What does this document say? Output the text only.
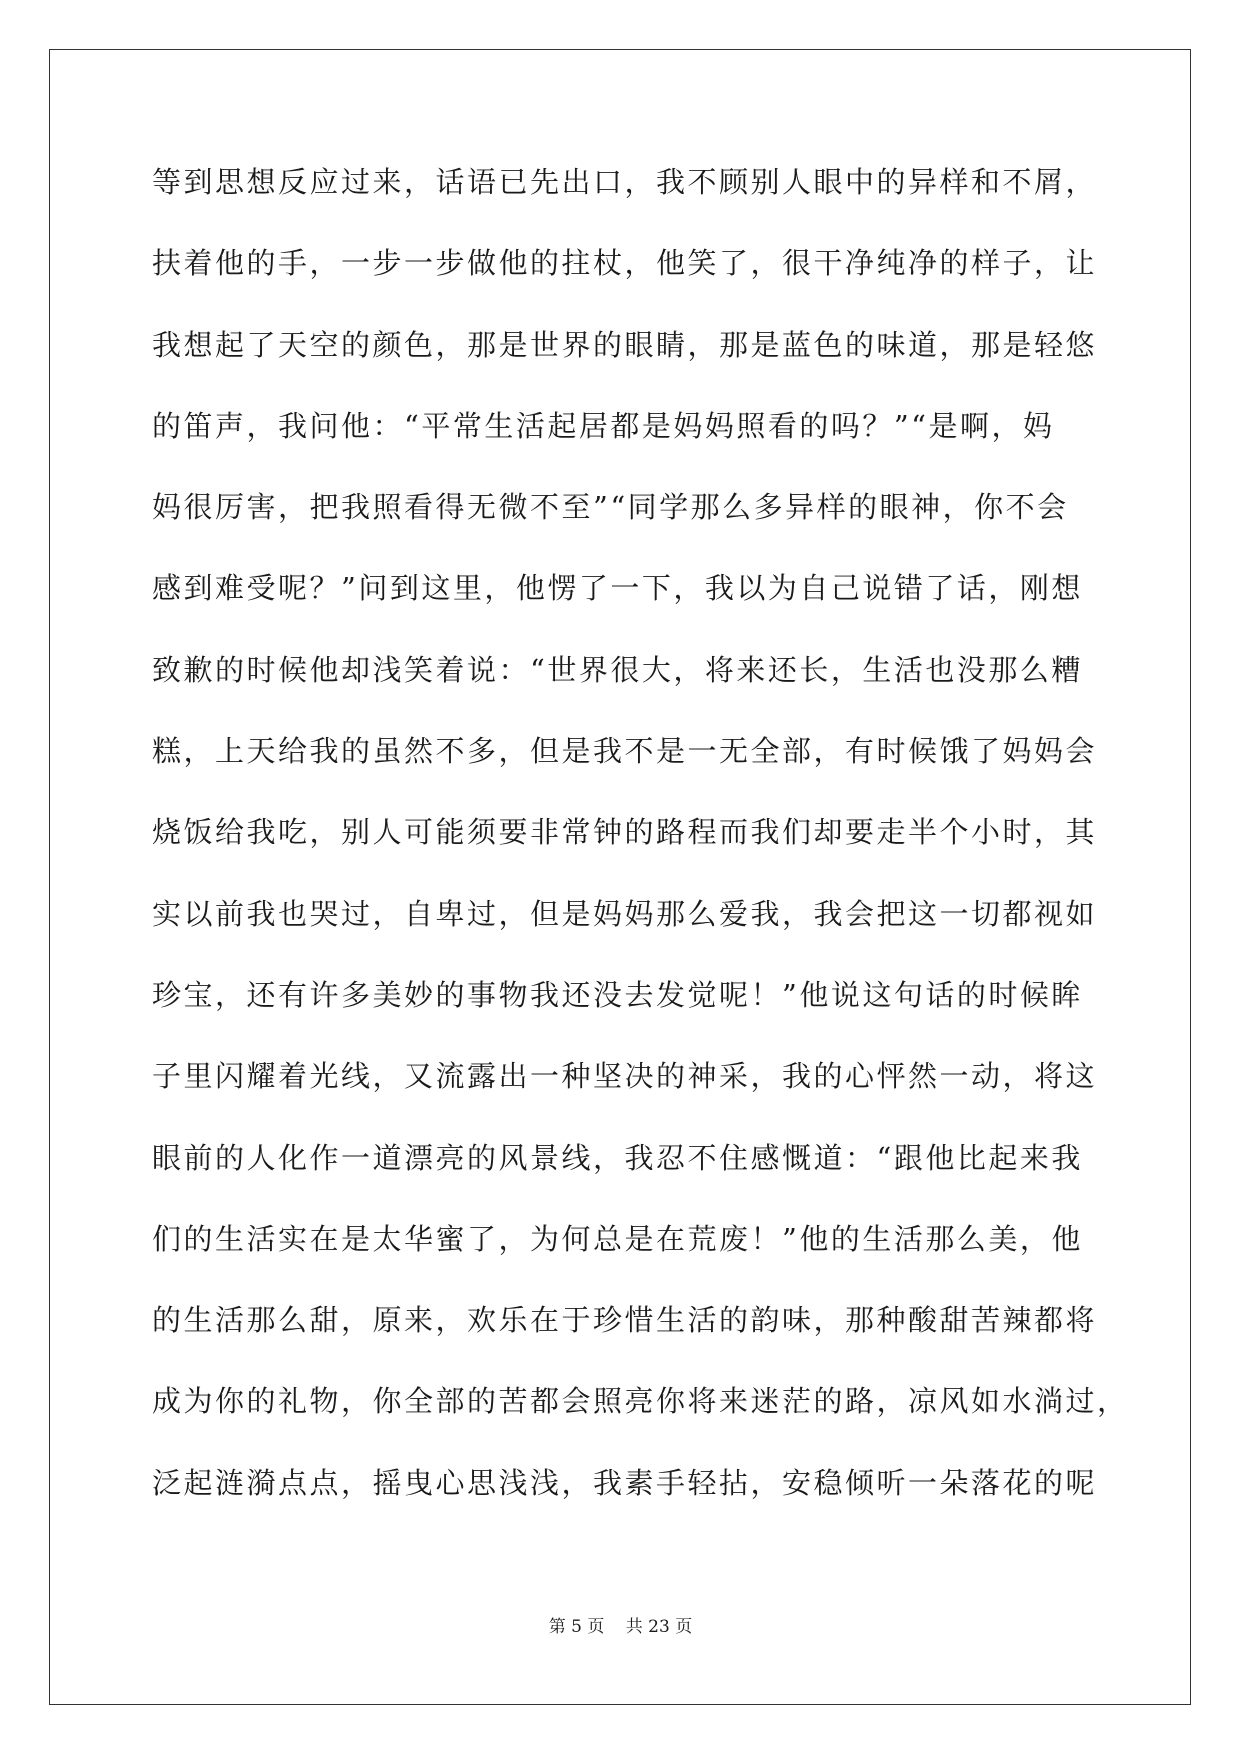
等到思想反应过来，话语已先出口，我不顾别人眼中的异样和不屑，
扶着他的手，一步一步做他的拄杖，他笑了，很干净纯净的样子，让
我想起了天空的颜色，那是世界的眼睛，那是蓝色的味道，那是轻悠
的笛声，我问他：“平常生活起居都是妈妈照看的吗？”“是啊，妈
妈很厉害，把我照看得无微不至”“同学那么多异样的眼神，你不会
感到难受呢？”问到这里，他愣了一下，我以为自己说错了话，刚想
致歉的时候他却浅笑着说：“世界很大，将来还长，生活也没那么糟
糕，上天给我的虽然不多，但是我不是一无全部，有时候饿了妈妈会
烧饭给我吃，别人可能须要非常钟的路程而我们却要走半个小时，其
实以前我也哭过，自卑过，但是妈妈那么爱我，我会把这一切都视如
珍宝，还有许多美妙的事物我还没去发觉呢！”他说这句话的时候眸
子里闪耀着光线，又流露出一种坚决的神采，我的心怦然一动，将这
眼前的人化作一道漂亮的风景线，我忍不住感慨道：“跟他比起来我
们的生活实在是太华蜜了，为何总是在荒废！”他的生活那么美，他
的生活那么甜，原来，欢乐在于珍惜生活的韵味，那种酸甜苦辣都将
成为你的礼物，你全部的苦都会照亮你将来迷茫的路，凉风如水淌过，
泛起涟漪点点，摇曳心思浅浅，我素手轻拈，安稳倾听一朵落花的呢
第 5 页 共 23 页
